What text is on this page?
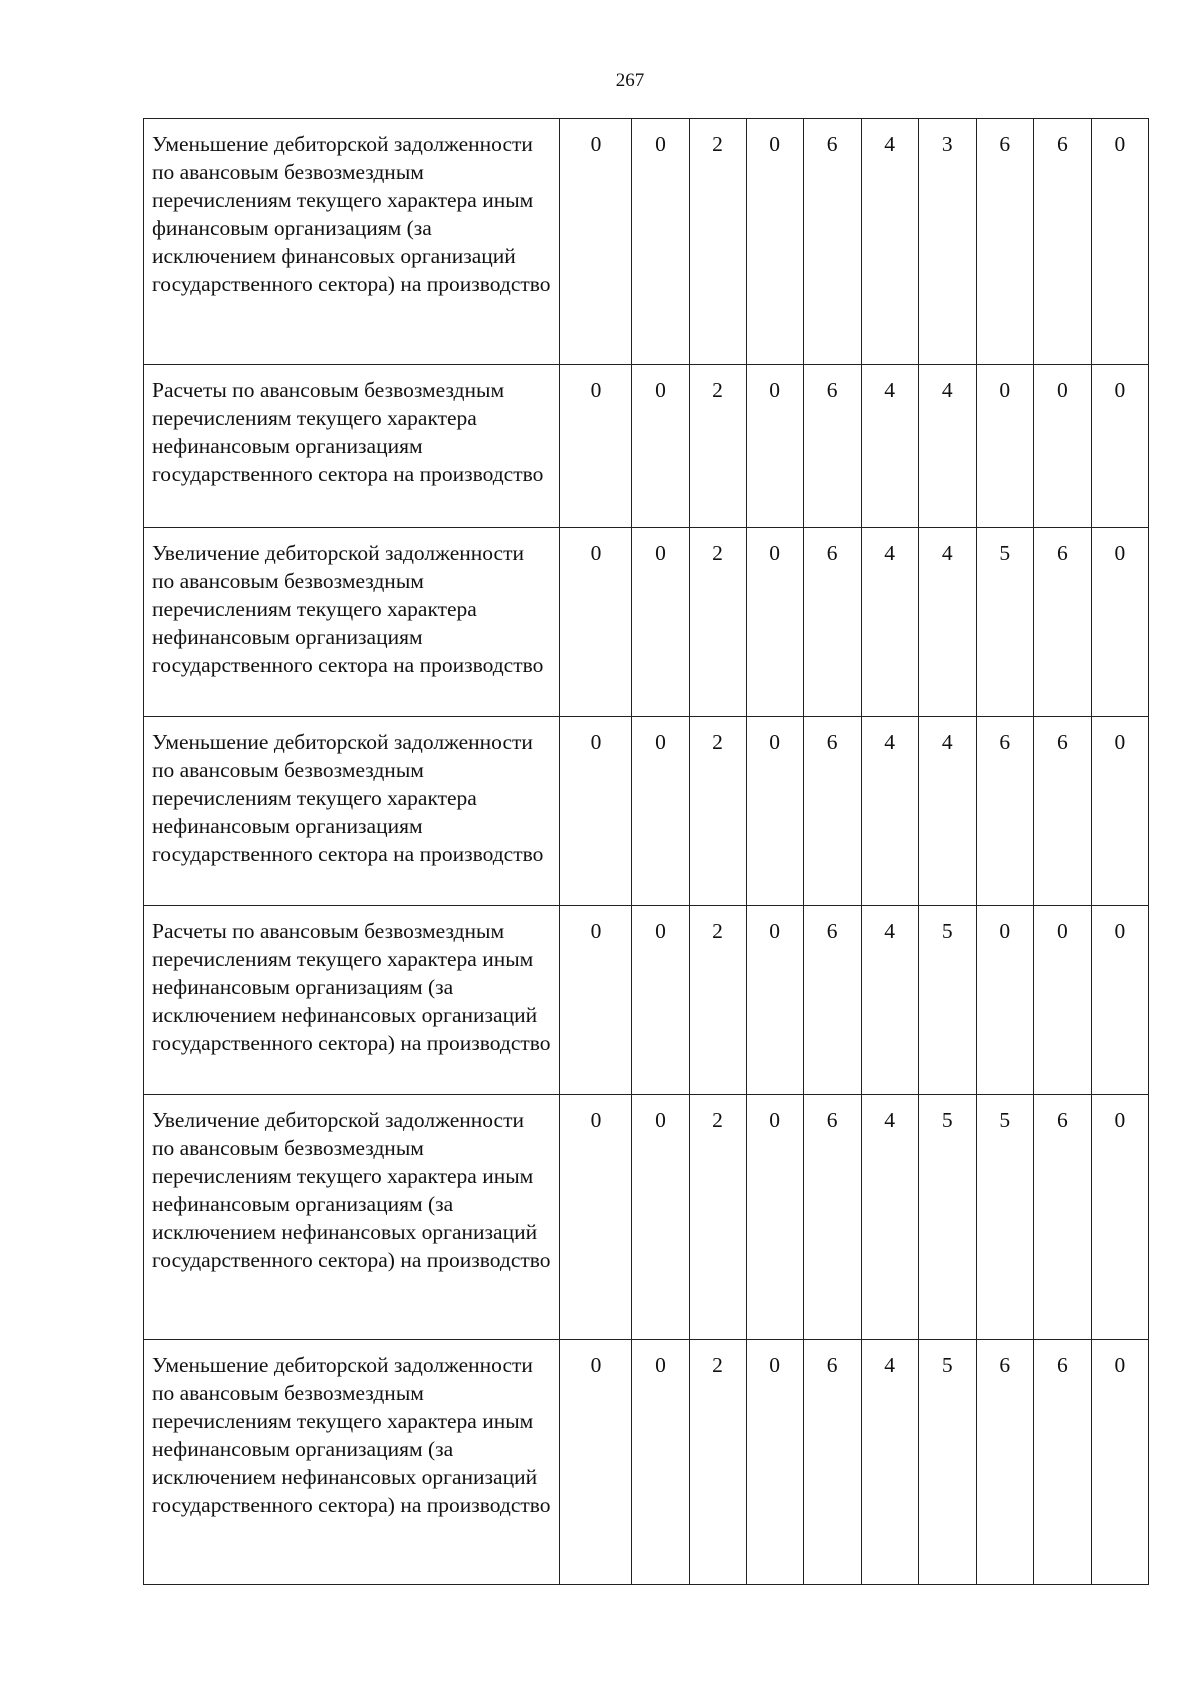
267
Уменьшение дебиторской задолженности по авансовым безвозмездным перечислениям текущего характера иным финансовым организациям (за исключением финансовых организаций государственного сектора) на производство	0	0	2	0	6	4	3	6	6	0
Расчеты по авансовым безвозмездным перечислениям текущего характера нефинансовым организациям государственного сектора на производство	0	0	2	0	6	4	4	0	0	0
Увеличение дебиторской задолженности по авансовым безвозмездным перечислениям текущего характера нефинансовым организациям государственного сектора на производство	0	0	2	0	6	4	4	5	6	0
Уменьшение дебиторской задолженности по авансовым безвозмездным перечислениям текущего характера нефинансовым организациям государственного сектора на производство	0	0	2	0	6	4	4	6	6	0
Расчеты по авансовым безвозмездным перечислениям текущего характера иным нефинансовым организациям (за исключением нефинансовых организаций государственного сектора) на производство	0	0	2	0	6	4	5	0	0	0
Увеличение дебиторской задолженности по авансовым безвозмездным перечислениям текущего характера иным нефинансовым организациям (за исключением нефинансовых организаций государственного сектора) на производство	0	0	2	0	6	4	5	5	6	0
Уменьшение дебиторской задолженности по авансовым безвозмездным перечислениям текущего характера иным нефинансовым организациям (за исключением нефинансовых организаций государственного сектора) на производство	0	0	2	0	6	4	5	6	6	0
